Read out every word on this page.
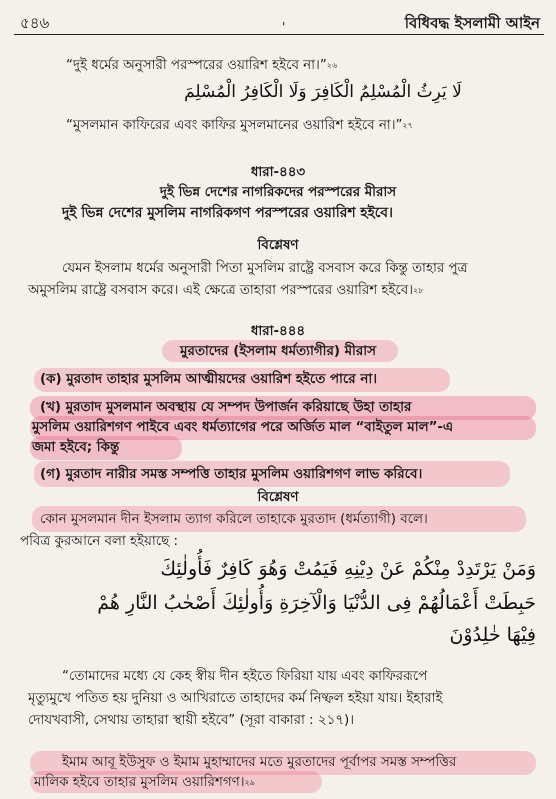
৫৪৬	'	বিধিবদ্ধ ইসলামী আইন
“দুই ধর্মের অনুসারী পরস্পরের ওয়ারিশ হইবে না।”$^{২৬}$
لَا يَرِثُ الْمُسْلِمُ الْكَافِرَ وَلَا الْكَافِرُ الْمُسْلِمَ
“মুসলমান কাফিরের এবং কাফির মুসলমানের ওয়ারিশ হইবে না।”$^{২৭}$
ধারা-৪৪৩
দুই ভিন্ন দেশের নাগরিকদের পরস্পরের মীরাস
দুই ভিন্ন দেশের মুসলিম নাগরিকগণ পরস্পরের ওয়ারিশ হইবে।
বিশ্লেষণ
যেমন ইসলাম ধর্মের অনুসারী পিতা মুসলিম রাষ্ট্রে বসবাস করে কিন্তু তাহার পুত্র
অমুসলিম রাষ্ট্রে বসবাস করে। এই ক্ষেত্রে তাহারা পরস্পরের ওয়ারিশ হইবে।$^{২৮}$
ধারা-৪৪৪
মুরতাদের (ইসলাম ধর্মত্যাগীর) মীরাস
(ক) মুরতাদ তাহার মুসলিম আত্মীয়দের ওয়ারিশ হইতে পারে না।
(খ) মুরতাদ মুসলমান অবস্থায় যে সম্পদ উপার্জন করিয়াছে উহা তাহার
মুসলিম ওয়ারিশগণ পাইবে এবং ধর্মত্যাগের পরে অর্জিত মাল “বাইতুল মাল”-এ
জমা হইবে; কিন্তু
(গ) মুরতাদ নারীর সমস্ত সম্পত্তি তাহার মুসলিম ওয়ারিশগণ লাভ করিবে।
বিশ্লেষণ
কোন মুসলমান দীন ইসলাম ত্যাগ করিলে তাহাকে মুরতাদ (ধর্মত্যাগী) বলে।
পবিত্র কুরআনে বলা হইয়াছে :
وَمَنْ يَرْتَدِدْ مِنْكُمْ عَنْ دِيْنِهِ فَيَمُتْ وَهُوَ كَافِرٌ فَأُولٰئِكَ
حَبِطَتْ أَعْمَالُهُمْ فِى الدُّنْيَا وَالْآخِرَةِ وَأُولٰئِكَ أَصْحٰبُ النَّارِ هُمْ
فِيْهَا خٰلِدُوْنَ
“তোমাদের মধ্যে যে কেহ স্বীয় দীন হইতে ফিরিয়া যায় এবং কাফিররূপে
মৃত্যুমুখে পতিত হয় দুনিয়া ও আখিরাতে তাহাদের কর্ম নিষ্ফল হইয়া যায়। ইহারাই
দোযখবাসী, সেথায় তাহারা স্থায়ী হইবে” (সূরা বাকারা : ২১৭)।
ইমাম আবূ ইউসুফ ও ইমাম মুহাম্মাদের মতে মুরতাদের পূর্বাপর সমস্ত সম্পত্তির
মালিক হইবে তাহার মুসলিম ওয়ারিশগণ।$^{২৯}$
